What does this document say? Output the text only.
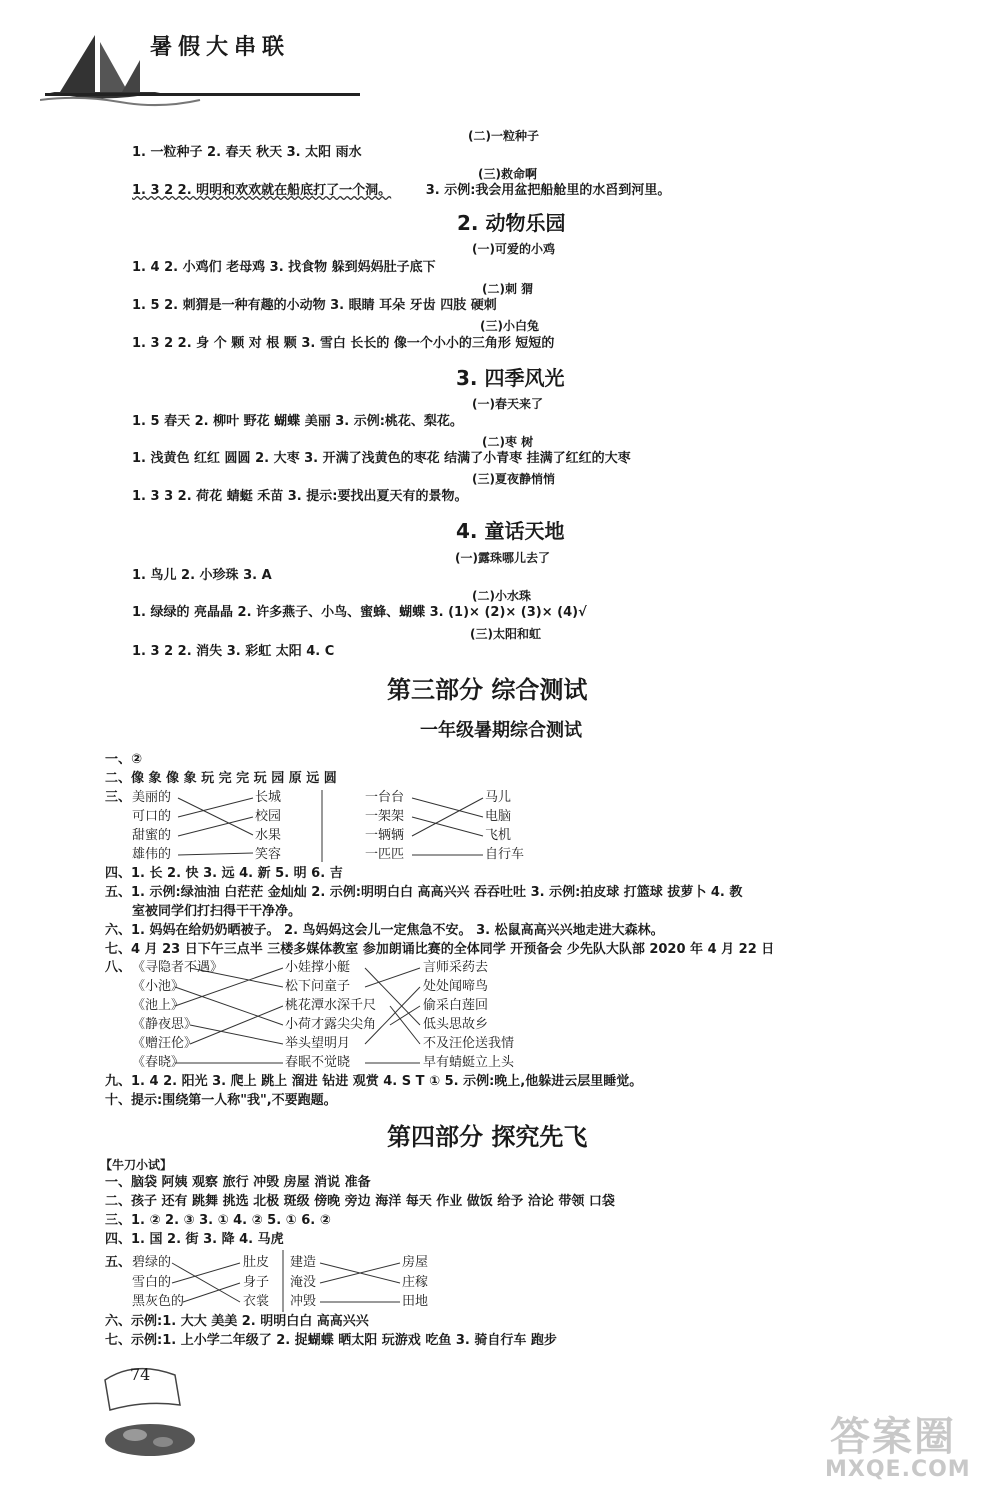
暑假大串联
(二)一粒种子
1. 一粒种子 2. 春天 秋天 3. 太阳 雨水
(三)救命啊
1. 3 2 2. 明明和欢欢就在船底打了一个洞。	3. 示例:我会用盆把船舱里的水舀到河里。
2. 动物乐园
(一)可爱的小鸡
1. 4 2. 小鸡们 老母鸡 3. 找食物 躲到妈妈肚子底下
(二)刺 猬
1. 5 2. 刺猬是一种有趣的小动物 3. 眼睛 耳朵 牙齿 四肢 硬刺
(三)小白兔
1. 3 2 2. 身 个 颗 对 根 颗 3. 雪白 长长的 像一个小小的三角形 短短的
3. 四季风光
(一)春天来了
1. 5 春天 2. 柳叶 野花 蝴蝶 美丽 3. 示例:桃花、梨花。
(二)枣 树
1. 浅黄色 红红 圆圆 2. 大枣 3. 开满了浅黄色的枣花 结满了小青枣 挂满了红红的大枣
(三)夏夜静悄悄
1. 3 3 2. 荷花 蜻蜓 禾苗 3. 提示:要找出夏天有的景物。
4. 童话天地
(一)露珠哪儿去了
1. 鸟儿 2. 小珍珠 3. A
(二)小水珠
1. 绿绿的 亮晶晶 2. 许多燕子、小鸟、蜜蜂、蝴蝶 3. (1)× (2)× (3)× (4)√
(三)太阳和虹
1. 3 2 2. 消失 3. 彩虹 太阳 4. C
第三部分 综合测试
一年级暑期综合测试
一、②
二、像 象 像 象 玩 完 完 玩 园 原 远 圆
三、 美丽的
可口的
甜蜜的
雄伟的
长城
校园
水果
笑容
一台台
一架架
一辆辆
一匹匹
马儿
电脑
飞机
自行车
四、1. 长 2. 快 3. 远 4. 新 5. 明 6. 吉
五、1. 示例:绿油油 白茫茫 金灿灿 2. 示例:明明白白 高高兴兴 吞吞吐吐 3. 示例:拍皮球 打篮球 拔萝卜 4. 教
室被同学们打扫得干干净净。
六、1. 妈妈在给奶奶晒被子。 2. 鸟妈妈这会儿一定焦急不安。 3. 松鼠高高兴兴地走进大森林。
七、4 月 23 日下午三点半 三楼多媒体教室 参加朗诵比赛的全体同学 开预备会 少先队大队部 2020 年 4 月 22 日
八、 《寻隐者不遇》
《小池》
《池上》
《静夜思》
《赠汪伦》
《春晓》
小娃撑小艇
松下问童子
桃花潭水深千尺
小荷才露尖尖角
举头望明月
春眠不觉晓
言师采药去
处处闻啼鸟
偷采白莲回
低头思故乡
不及汪伦送我情
早有蜻蜓立上头
九、1. 4 2. 阳光 3. 爬上 跳上 溜进 钻进 观赏 4. S T ① 5. 示例:晚上,他躲进云层里睡觉。
十、提示:围绕第一人称"我",不要跑题。
第四部分 探究先飞
【牛刀小试】
一、脑袋 阿姨 观察 旅行 冲毁 房屋 消说 准备
二、孩子 还有 跳舞 挑选 北极 斑级 傍晚 旁边 海洋 每天 作业 做饭 给予 洽论 带领 口袋
三、1. ② 2. ③ 3. ① 4. ② 5. ① 6. ②
四、1. 国 2. 街 3. 降 4. 马虎
五、 碧绿的
雪白的
黑灰色的
肚皮
身子
衣裳
建造
淹没
冲毁
房屋
庄稼
田地
六、示例:1. 大大 美美 2. 明明白白 高高兴兴
七、示例:1. 上小学二年级了 2. 捉蝴蝶 晒太阳 玩游戏 吃鱼 3. 骑自行车 跑步
74
答案圈
MXQE.COM
